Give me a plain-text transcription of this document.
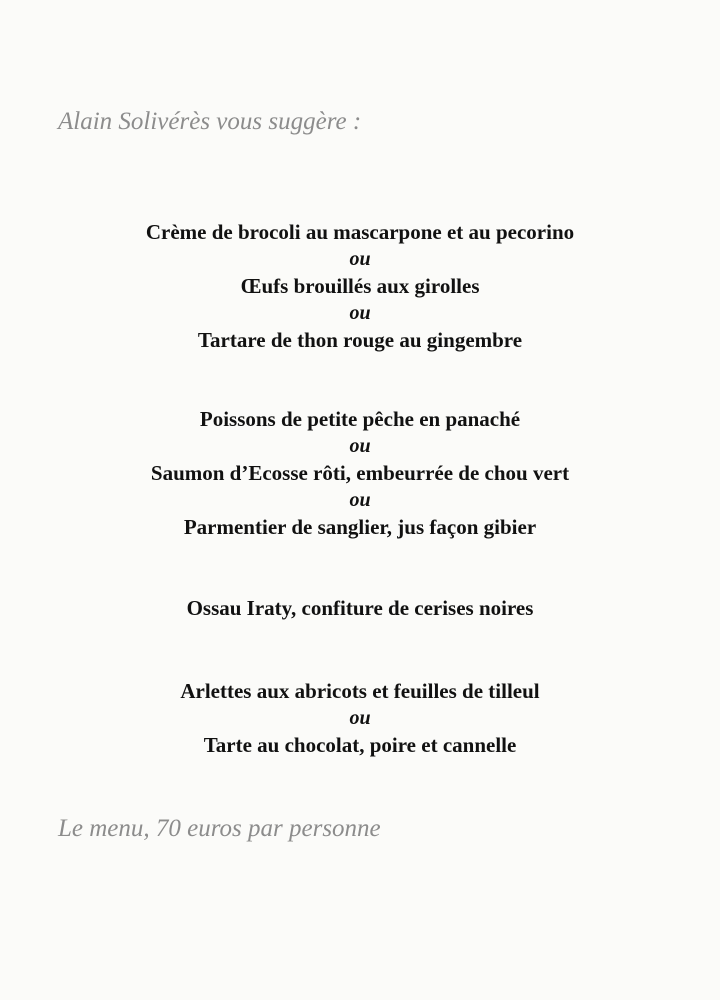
Alain Solivérès vous suggère :
Crème de brocoli au mascarpone et au pecorino
ou
Œufs brouillés aux girolles
ou
Tartare de thon rouge au gingembre
Poissons de petite pêche en panaché
ou
Saumon d’Ecosse rôti, embeurrée de chou vert
ou
Parmentier de sanglier, jus façon gibier
Ossau Iraty, confiture de cerises noires
Arlettes aux abricots et feuilles de tilleul
ou
Tarte au chocolat, poire et cannelle
Le menu, 70 euros par personne
